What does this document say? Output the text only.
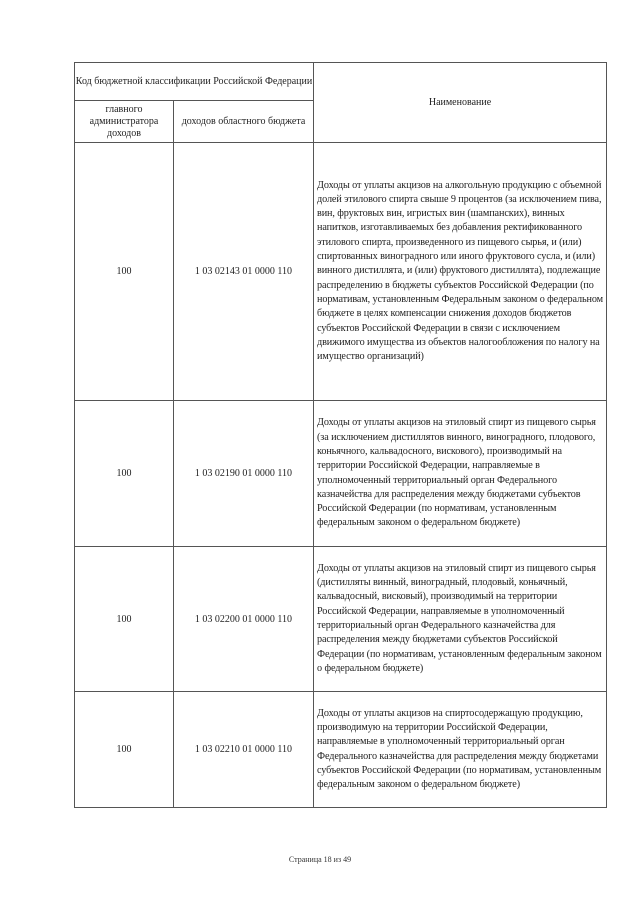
Код бюджетной классификации Российской Федерации		Наименование
главного администратора доходов	доходов областного бюджета	
100	1 03 02143 01 0000 110	Доходы от уплаты акцизов на алкогольную продукцию с объемной долей этилового спирта свыше 9 процентов (за исключением пива, вин, фруктовых вин, игристых вин (шампанских), винных напитков, изготавливаемых без добавления ректификованного этилового спирта, произведенного из пищевого сырья, и (или) спиртованных виноградного или иного фруктового сусла, и (или) винного дистиллята, и (или) фруктового дистиллята), подлежащие распределению в бюджеты субъектов Российской Федерации (по нормативам, установленным Федеральным законом о федеральном бюджете в целях компенсации снижения доходов бюджетов субъектов Российской Федерации в связи с исключением движимого имущества из объектов налогообложения по налогу на имущество организаций)
100	1 03 02190 01 0000 110	Доходы от уплаты акцизов на этиловый спирт из пищевого сырья (за исключением дистиллятов винного, виноградного, плодового, коньячного, кальвадосного, вискового), производимый на территории Российской Федерации, направляемые в уполномоченный территориальный орган Федерального казначейства для распределения между бюджетами субъектов Российской Федерации (по нормативам, установленным федеральным законом о федеральном бюджете)
100	1 03 02200 01 0000 110	Доходы от уплаты акцизов на этиловый спирт из пищевого сырья (дистилляты винный, виноградный, плодовый, коньячный, кальвадосный, висковый), производимый на территории Российской Федерации, направляемые в уполномоченный территориальный орган Федерального казначейства для распределения между бюджетами субъектов Российской Федерации (по нормативам, установленным федеральным законом о федеральном бюджете)
100	1 03 02210 01 0000 110	Доходы от уплаты акцизов на спиртосодержащую продукцию, производимую на территории Российской Федерации, направляемые в уполномоченный территориальный орган Федерального казначейства для распределения между бюджетами субъектов Российской Федерации (по нормативам, установленным федеральным законом о федеральном бюджете)
Страница 18 из 49
